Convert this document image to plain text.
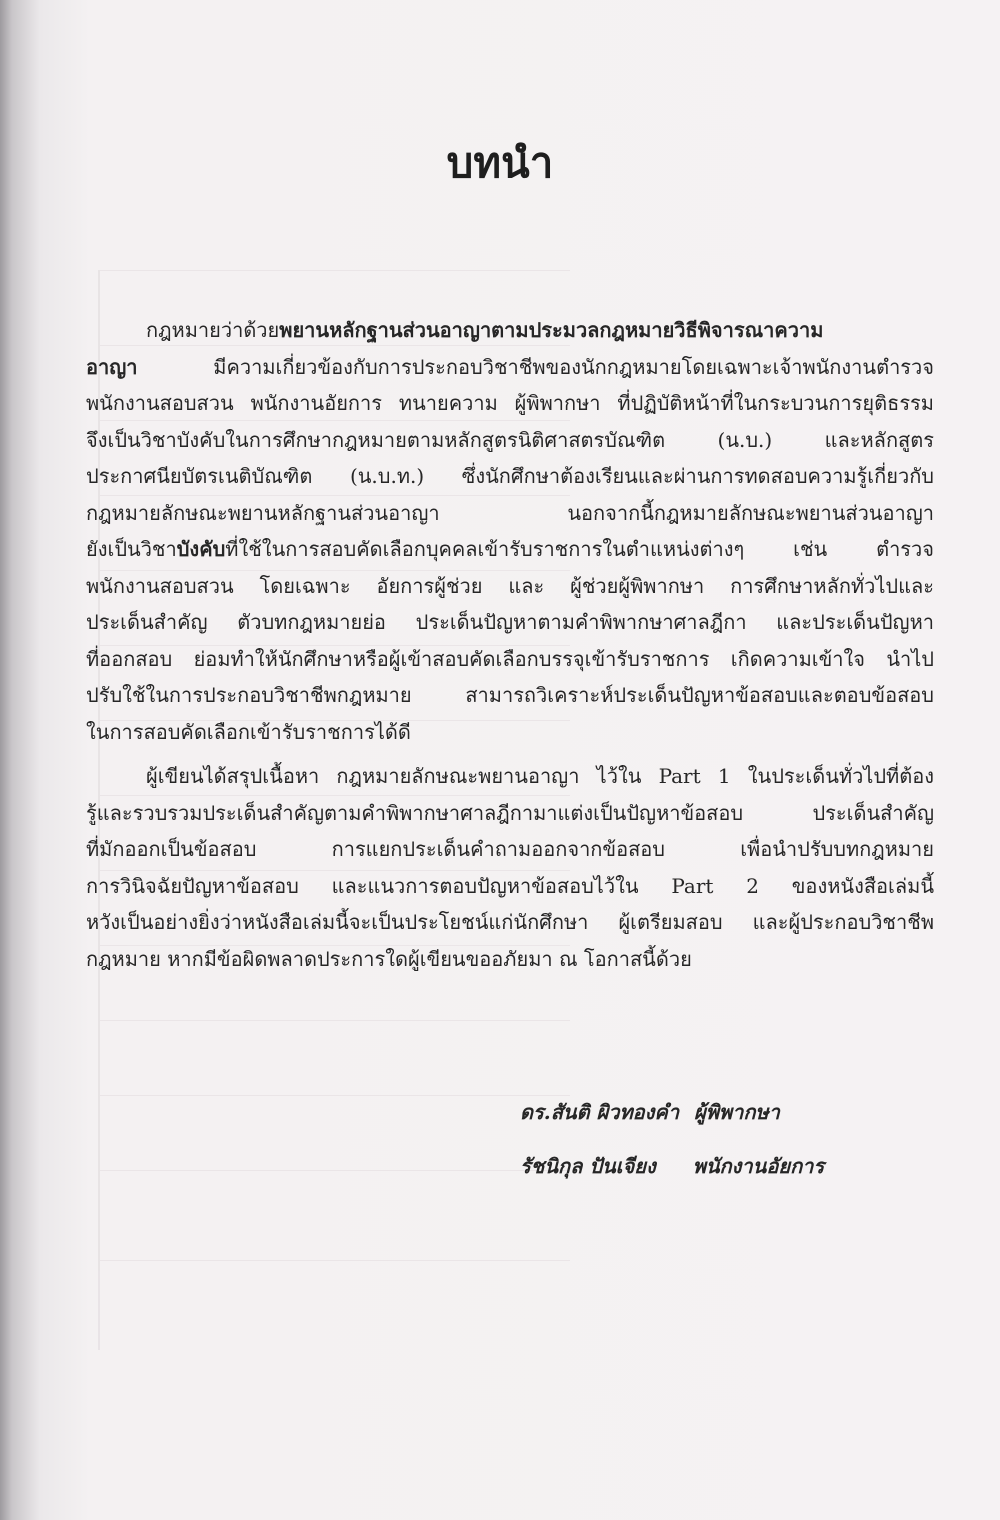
บทนำ
กฎหมายว่าด้วยพยานหลักฐานส่วนอาญาตามประมวลกฎหมายวิธีพิจารณาความ
อาญา มีความเกี่ยวข้องกับการประกอบวิชาชีพของนักกฎหมายโดยเฉพาะเจ้าพนักงานตำรวจ
พนักงานสอบสวน พนักงานอัยการ ทนายความ ผู้พิพากษา ที่ปฏิบัติหน้าที่ในกระบวนการยุติธรรม
จึงเป็นวิชาบังคับในการศึกษากฎหมายตามหลักสูตรนิติศาสตรบัณฑิต (น.บ.) และหลักสูตร
ประกาศนียบัตรเนติบัณฑิต (น.บ.ท.) ซึ่งนักศึกษาต้องเรียนและผ่านการทดสอบความรู้เกี่ยวกับ
กฎหมายลักษณะพยานหลักฐานส่วนอาญา นอกจากนี้กฎหมายลักษณะพยานส่วนอาญา
ยังเป็นวิชาบังคับที่ใช้ในการสอบคัดเลือกบุคคลเข้ารับราชการในตำแหน่งต่างๆ เช่น ตำรวจ
พนักงานสอบสวน โดยเฉพาะ อัยการผู้ช่วย และ ผู้ช่วยผู้พิพากษา การศึกษาหลักทั่วไปและ
ประเด็นสำคัญ ตัวบทกฎหมายย่อ ประเด็นปัญหาตามคำพิพากษาศาลฎีกา และประเด็นปัญหา
ที่ออกสอบ ย่อมทำให้นักศึกษาหรือผู้เข้าสอบคัดเลือกบรรจุเข้ารับราชการ เกิดความเข้าใจ นำไป
ปรับใช้ในการประกอบวิชาชีพกฎหมาย สามารถวิเคราะห์ประเด็นปัญหาข้อสอบและตอบข้อสอบ
ในการสอบคัดเลือกเข้ารับราชการได้ดี
ผู้เขียนได้สรุปเนื้อหา กฎหมายลักษณะพยานอาญา ไว้ใน Part 1 ในประเด็นทั่วไปที่ต้อง
รู้และรวบรวมประเด็นสำคัญตามคำพิพากษาศาลฎีกามาแต่งเป็นปัญหาข้อสอบ ประเด็นสำคัญ
ที่มักออกเป็นข้อสอบ การแยกประเด็นคำถามออกจากข้อสอบ เพื่อนำปรับบทกฎหมาย
การวินิจฉัยปัญหาข้อสอบ และแนวการตอบปัญหาข้อสอบไว้ใน Part 2 ของหนังสือเล่มนี้
หวังเป็นอย่างยิ่งว่าหนังสือเล่มนี้จะเป็นประโยชน์แก่นักศึกษา ผู้เตรียมสอบ และผู้ประกอบวิชาชีพ
กฎหมาย หากมีข้อผิดพลาดประการใดผู้เขียนขออภัยมา ณ โอกาสนี้ด้วย
ดร.สันติ ผิวทองคำ ผู้พิพากษา
รัชนิกุล ปันเจียง พนักงานอัยการ
